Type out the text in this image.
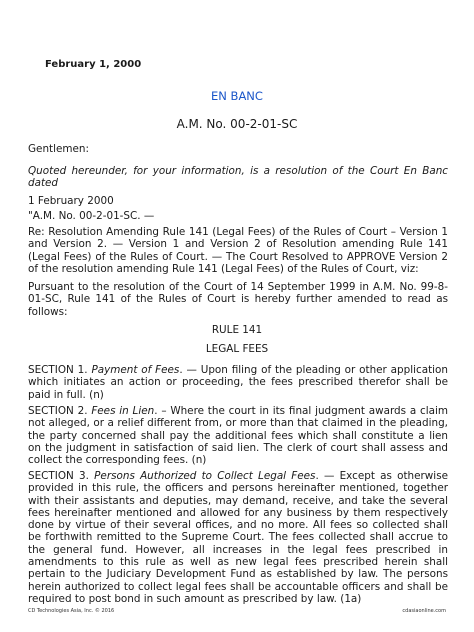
February 1, 2000
EN BANC
A.M. No. 00-2-01-SC
Gentlemen:
Quoted hereunder, for your information, is a resolution of the Court En Banc dated
1 February 2000
"A.M. No. 00-2-01-SC. —
Re: Resolution Amending Rule 141 (Legal Fees) of the Rules of Court – Version 1 and Version 2. — Version 1 and Version 2 of Resolution amending Rule 141 (Legal Fees) of the Rules of Court. — The Court Resolved to APPROVE Version 2 of the resolution amending Rule 141 (Legal Fees) of the Rules of Court, viz:
Pursuant to the resolution of the Court of 14 September 1999 in A.M. No. 99-8-01-SC, Rule 141 of the Rules of Court is hereby further amended to read as follows:
RULE 141
LEGAL FEES
SECTION 1. Payment of Fees. — Upon filing of the pleading or other application which initiates an action or proceeding, the fees prescribed therefor shall be paid in full. (n)
SECTION 2. Fees in Lien. – Where the court in its final judgment awards a claim not alleged, or a relief different from, or more than that claimed in the pleading, the party concerned shall pay the additional fees which shall constitute a lien on the judgment in satisfaction of said lien. The clerk of court shall assess and collect the corresponding fees. (n)
SECTION 3. Persons Authorized to Collect Legal Fees. — Except as otherwise provided in this rule, the officers and persons hereinafter mentioned, together with their assistants and deputies, may demand, receive, and take the several fees hereinafter mentioned and allowed for any business by them respectively done by virtue of their several offices, and no more. All fees so collected shall be forthwith remitted to the Supreme Court. The fees collected shall accrue to the general fund. However, all increases in the legal fees prescribed in amendments to this rule as well as new legal fees prescribed herein shall pertain to the Judiciary Development Fund as established by law. The persons herein authorized to collect legal fees shall be accountable officers and shall be required to post bond in such amount as prescribed by law. (1a)
CD Technologies Asia, Inc. © 2016	cdasiaonline.com
